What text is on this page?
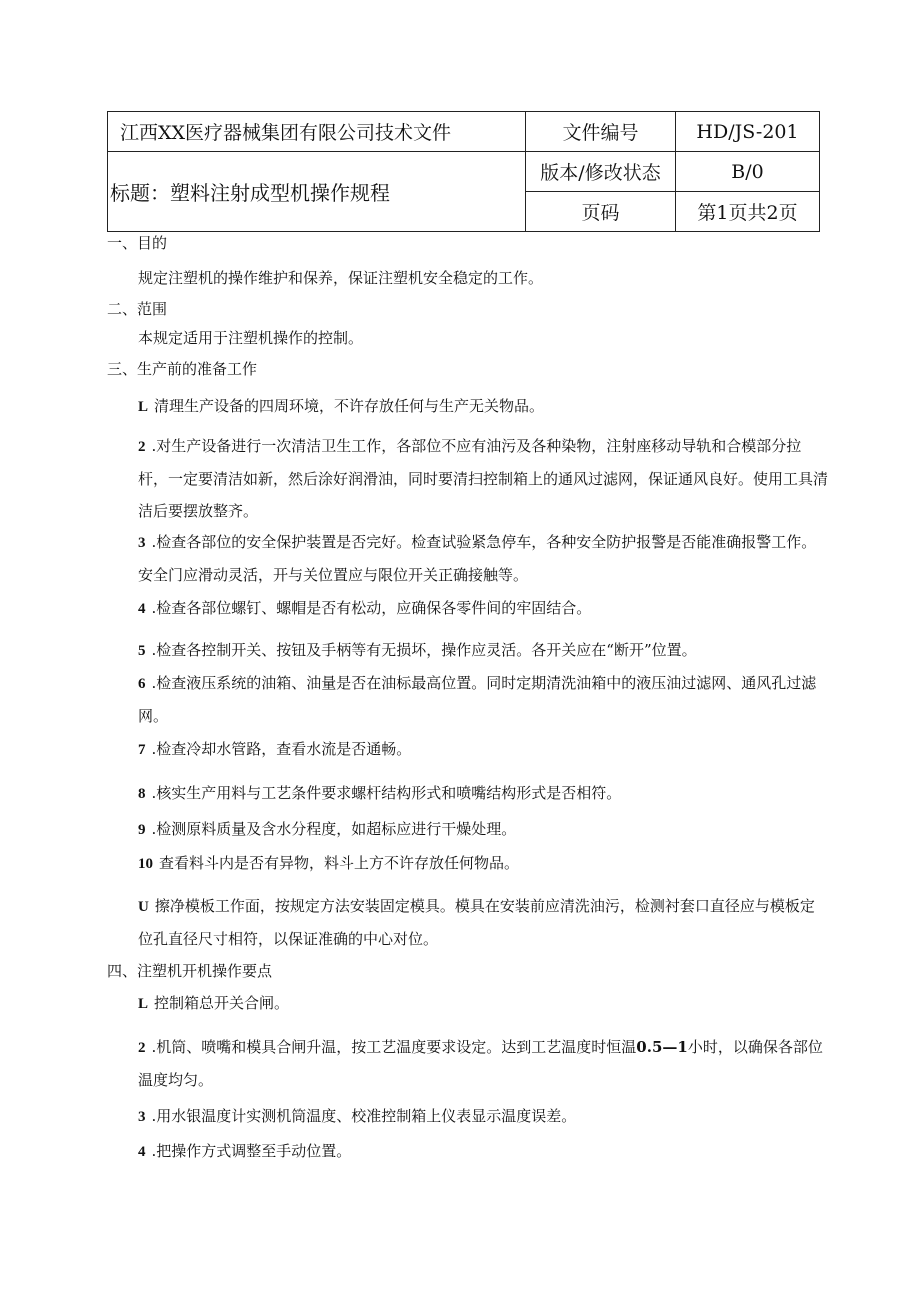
江西XX医疗器械集团有限公司技术文件	文件编号	HD/JS-201
标题：塑料注射成型机操作规程	版本/修改状态	B/0
	页码	第1页共2页
一、目的
规定注塑机的操作维护和保养，保证注塑机安全稳定的工作。
二、范围
本规定适用于注塑机操作的控制。
三、生产前的准备工作
L 清理生产设备的四周环境，不许存放任何与生产无关物品。
2 .对生产设备进行一次清洁卫生工作，各部位不应有油污及各种染物，注射座移动导轨和合模部分拉杆，一定要清洁如新，然后涂好润滑油，同时要清扫控制箱上的通风过滤网，保证通风良好。使用工具清洁后要摆放整齐。
3 .检查各部位的安全保护装置是否完好。检查试验紧急停车，各种安全防护报警是否能准确报警工作。安全门应滑动灵活，开与关位置应与限位开关正确接触等。
4 .检查各部位螺钉、螺帽是否有松动，应确保各零件间的牢固结合。
5 .检查各控制开关、按钮及手柄等有无损坏，操作应灵活。各开关应在“断开”位置。
6 .检查液压系统的油箱、油量是否在油标最高位置。同时定期清洗油箱中的液压油过滤网、通风孔过滤网。
7 .检查冷却水管路，查看水流是否通畅。
8 .核实生产用料与工艺条件要求螺杆结构形式和喷嘴结构形式是否相符。
9 .检测原料质量及含水分程度，如超标应进行干燥处理。
10 查看料斗内是否有异物，料斗上方不许存放任何物品。
U 擦净模板工作面，按规定方法安装固定模具。模具在安装前应清洗油污，检测衬套口直径应与模板定位孔直径尺寸相符，以保证准确的中心对位。
四、注塑机开机操作要点
L 控制箱总开关合闸。
2 .机筒、喷嘴和模具合闸升温，按工艺温度要求设定。达到工艺温度时恒温0.5—1小时，以确保各部位温度均匀。
3 .用水银温度计实测机筒温度、校准控制箱上仪表显示温度误差。
4 .把操作方式调整至手动位置。
